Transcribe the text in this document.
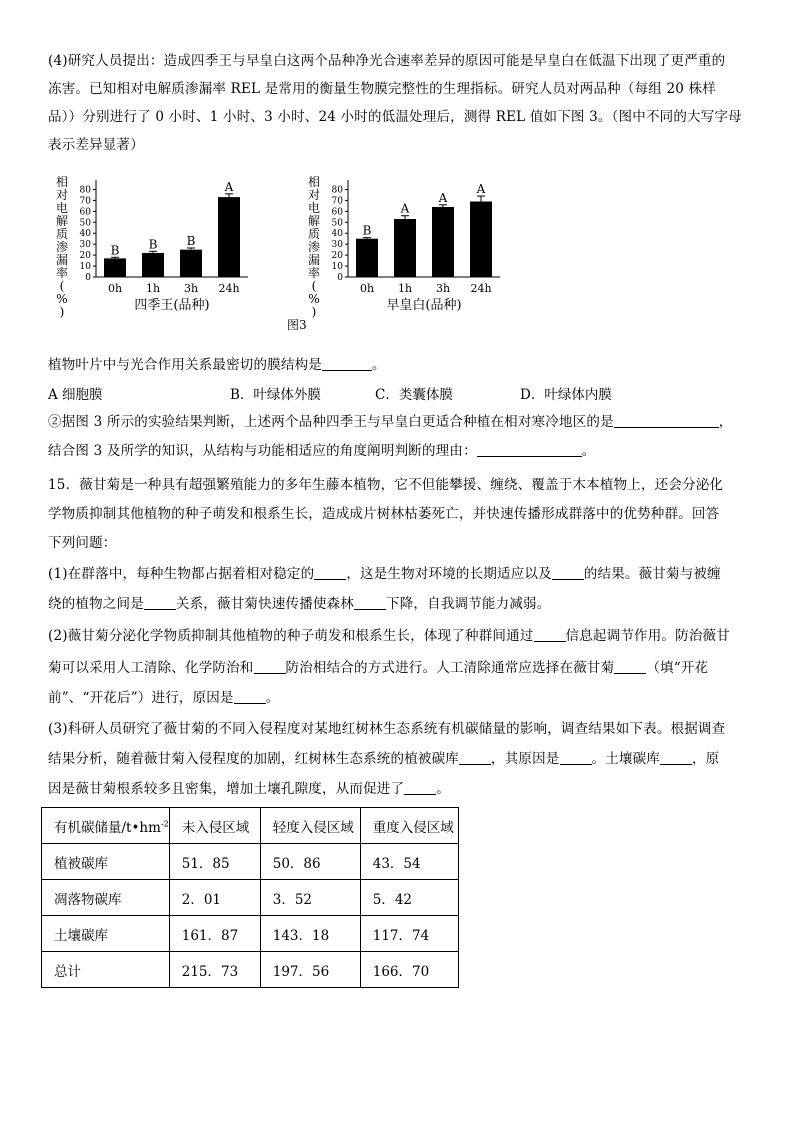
(4)研究人员提出：造成四季王与早皇白这两个品种净光合速率差异的原因可能是早皇白在低温下出现了更严重的
冻害。已知相对电解质渗漏率 REL 是常用的衡量生物膜完整性的生理指标。研究人员对两品种（每组 20 株样
品））分别进行了 0 小时、1 小时、3 小时、24 小时的低温处理后，测得 REL 值如下图 3。（图中不同的大写字母
表示差异显著）
相
对
电
解
质
渗
漏
率
(
%
)
0
10
20
30
40
50
60
70
80
B
0h
B
1h
B
3h
A
24h
四季王(品种)
相
对
电
解
质
渗
漏
率
(
%
)
0
10
20
30
40
50
60
70
80
B
0h
A
1h
A
3h
A
24h
早皇白(品种)
图3
植物叶片中与光合作用关系最密切的膜结构是	。
A 细胞膜	B．叶绿体外膜	C．类囊体膜	D．叶绿体内膜
②据图 3 所示的实验结果判断，上述两个品种四季王与早皇白更适合种植在相对寒冷地区的是	，
结合图 3 及所学的知识，从结构与功能相适应的角度阐明判断的理由：	。
15．薇甘菊是一种具有超强繁殖能力的多年生藤本植物，它不但能攀援、缠绕、覆盖于木本植物上，还会分泌化
学物质抑制其他植物的种子萌发和根系生长，造成成片树林枯萎死亡，并快速传播形成群落中的优势种群。回答
下列问题：
(1)在群落中，每种生物都占据着相对稳定的 ，这是生物对环境的长期适应以及 的结果。薇甘菊与被缠
绕的植物之间是 关系，薇甘菊快速传播使森林 下降，自我调节能力减弱。
(2)薇甘菊分泌化学物质抑制其他植物的种子萌发和根系生长，体现了种群间通过 信息起调节作用。防治薇甘
菊可以采用人工清除、化学防治和 防治相结合的方式进行。人工清除通常应选择在薇甘菊 （填“开花
前”、“开花后”）进行，原因是 。
(3)科研人员研究了薇甘菊的不同入侵程度对某地红树林生态系统有机碳储量的影响，调查结果如下表。根据调查
结果分析，随着薇甘菊入侵程度的加剧，红树林生态系统的植被碳库 ，其原因是 。土壤碳库 ，原
因是薇甘菊根系较多且密集，增加土壤孔隙度，从而促进了 。
有机碳储量$/t•hm^{-2}$	未入侵区域	轻度入侵区域	重度入侵区域
植被碳库	51．85	50．86	43．54
凋落物碳库	2．01	3．52	5．42
土壤碳库	161．87	143．18	117．74
总计	215．73	197．56	166．70
